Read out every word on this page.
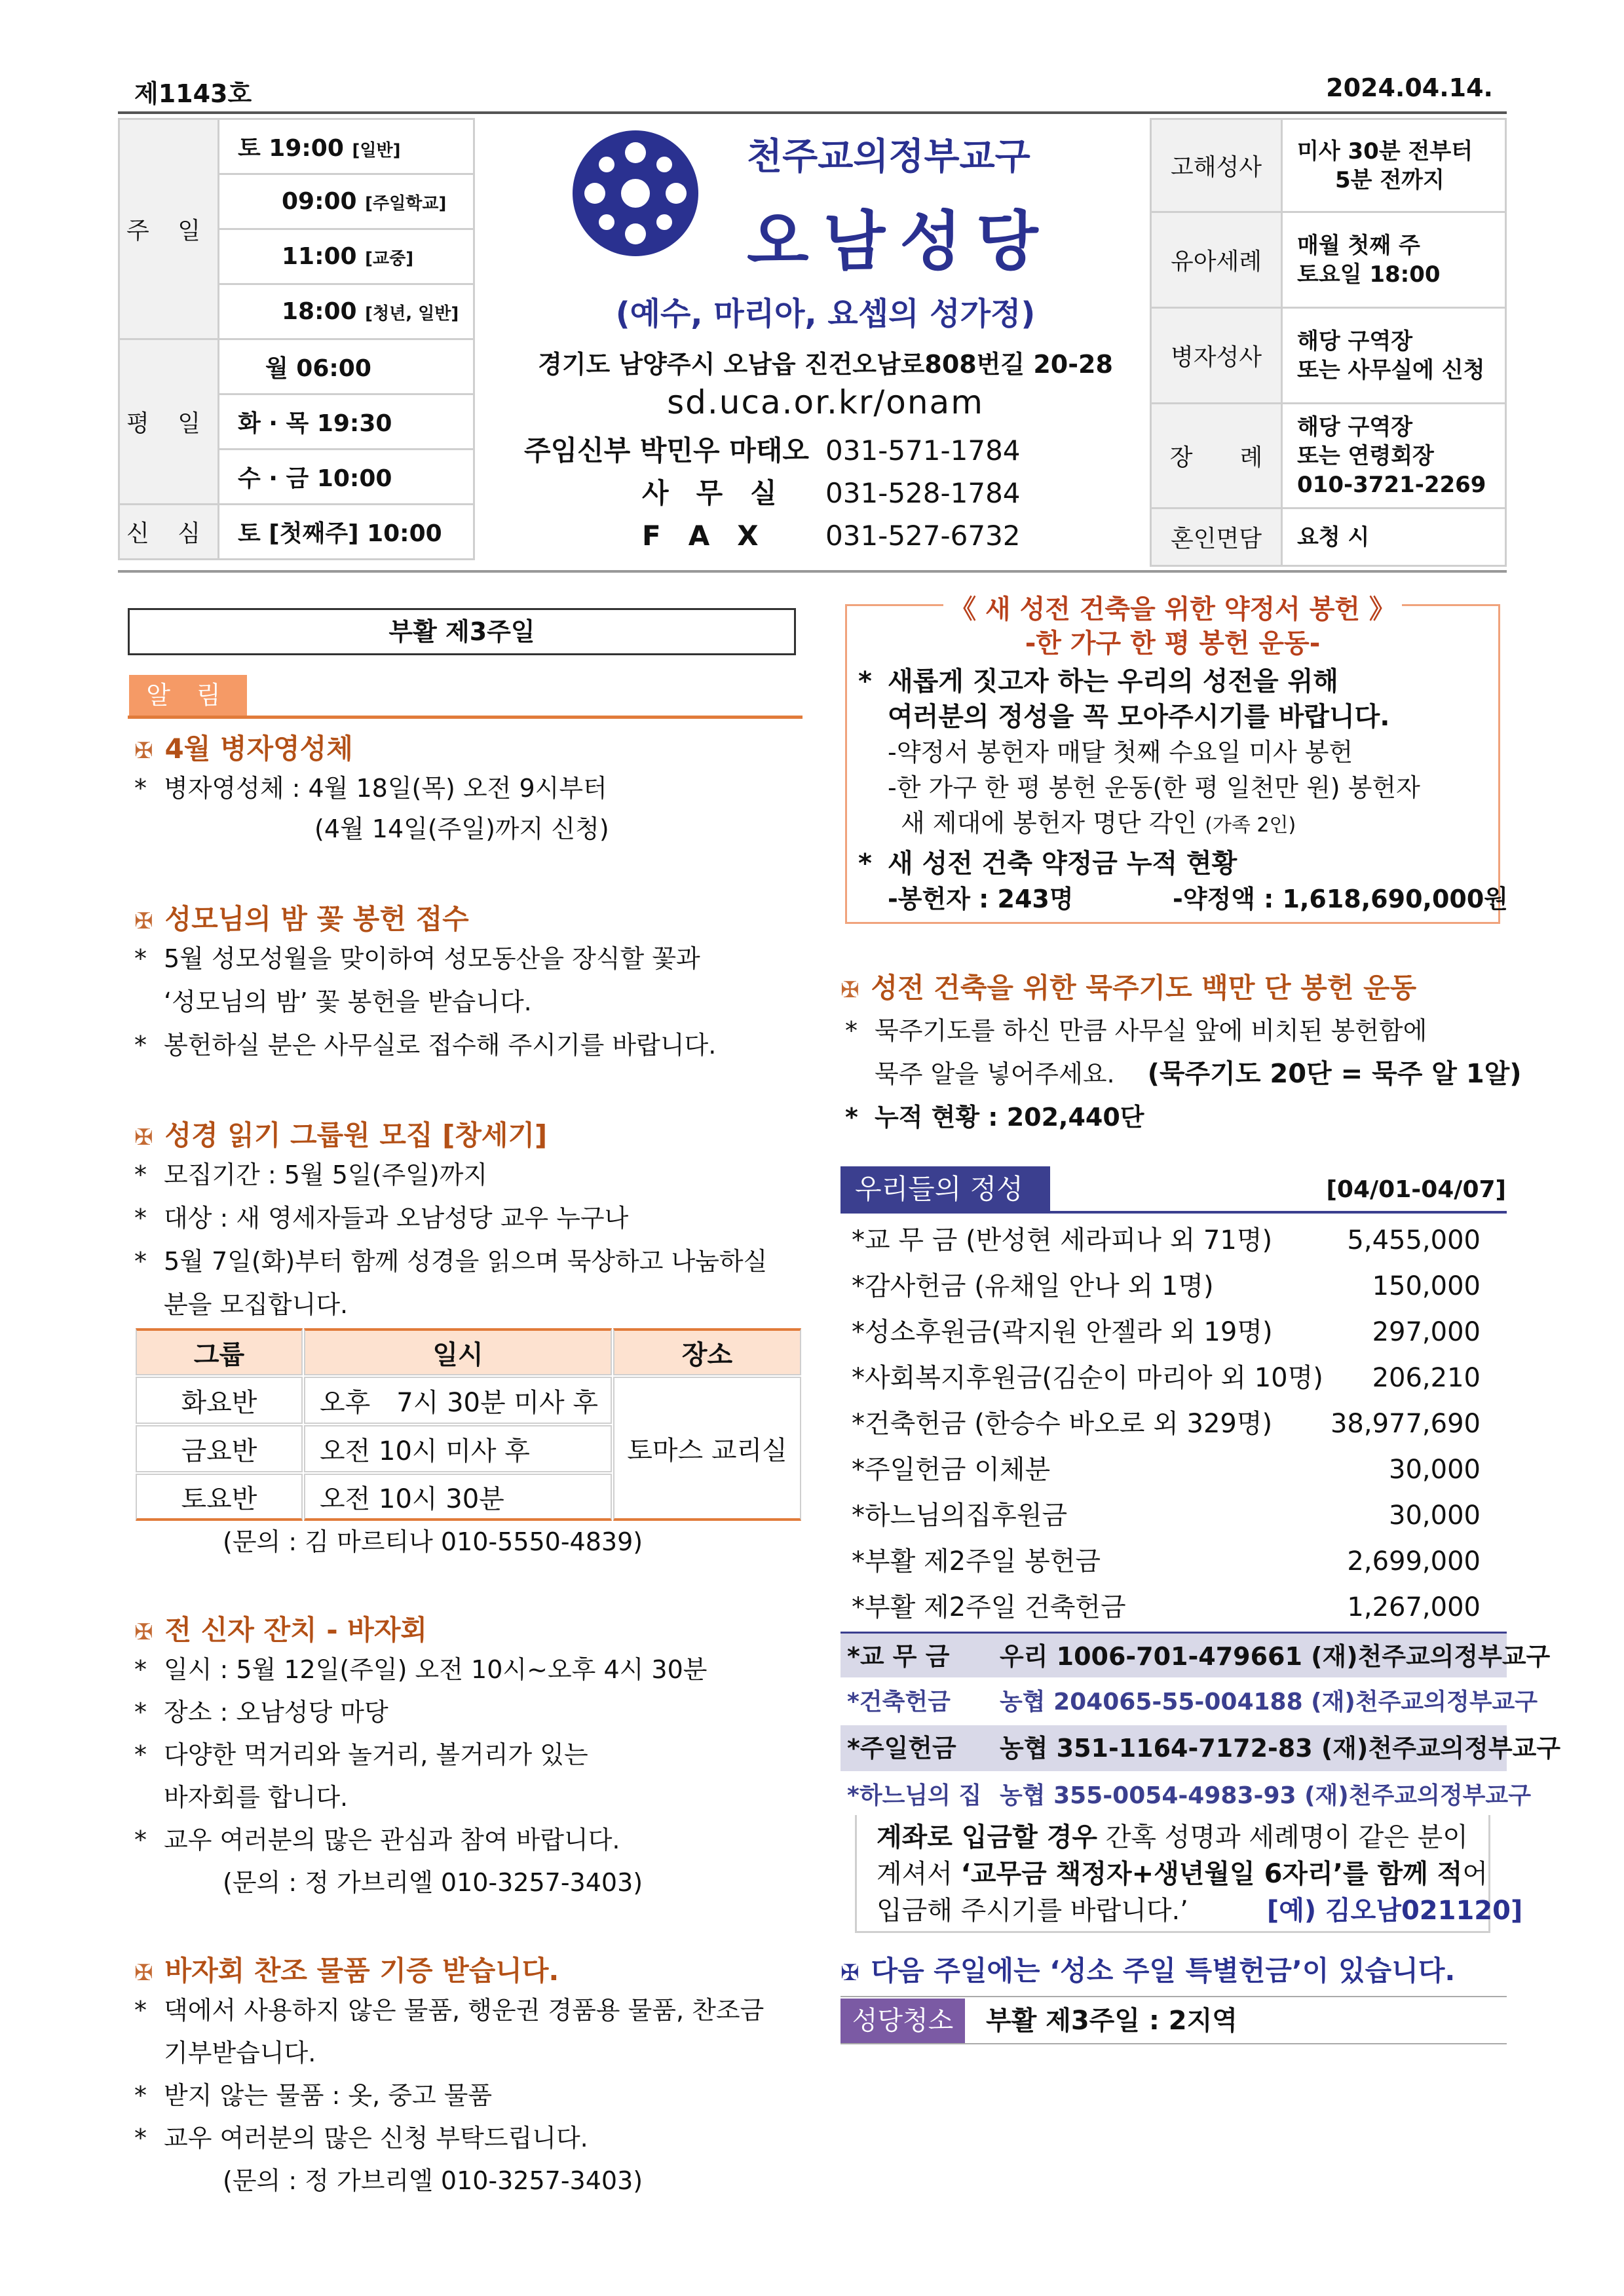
제1143호	2024.04.14.
주 일	토 19:00 [일반]
	09:00 [주일학교]
	11:00 [교중]
	18:00 [청년, 일반]
평 일	월 06:00
	화 · 목 19:30
	수 · 금 10:00
신 심	토 [첫째주] 10:00
천주교의정부교구
오남성당
(예수, 마리아, 요셉의 성가정)
경기도 남양주시 오남읍 진건오남로808번길 20-28
sd.uca.or.kr/onam
주임신부 박민우 마태오 031-571-1784
사　무　실 031-528-1784
F　A　X 031-527-6732
고해성사	미사 30분 전부터
5분 전까지

유아세례	매월 첫째 주
토요일 18:00

병자성사	해당 구역장
또는 사무실에 신청

장　　례	해당 구역장
또는 연령회장
010-3721-2269

혼인면담	요청 시
부활 제3주일
알 림
✠ 4월 병자영성체
* 병자영성체 : 4월 18일(목) 오전 9시부터
(4월 14일(주일)까지 신청)
✠ 성모님의 밤 꽃 봉헌 접수
* 5월 성모성월을 맞이하여 성모동산을 장식할 꽃과
‘성모님의 밤’ 꽃 봉헌을 받습니다.
* 봉헌하실 분은 사무실로 접수해 주시기를 바랍니다.
✠ 성경 읽기 그룹원 모집 [창세기]
* 모집기간 : 5월 5일(주일)까지
* 대상 : 새 영세자들과 오남성당 교우 누구나
* 5월 7일(화)부터 함께 성경을 읽으며 묵상하고 나눔하실
분을 모집합니다.
그룹	일시	장소
화요반	오후　7시 30분 미사 후	토마스 교리실
금요반	오전 10시 미사 후	
토요반	오전 10시 30분	
(문의 : 김 마르티나 010-5550-4839)
✠ 전 신자 잔치 - 바자회
* 일시 : 5월 12일(주일) 오전 10시~오후 4시 30분
* 장소 : 오남성당 마당
* 다양한 먹거리와 놀거리, 볼거리가 있는
바자회를 합니다.
* 교우 여러분의 많은 관심과 참여 바랍니다.
(문의 : 정 가브리엘 010-3257-3403)
✠ 바자회 찬조 물품 기증 받습니다.
* 댁에서 사용하지 않은 물품, 행운권 경품용 물품, 찬조금
기부받습니다.
* 받지 않는 물품 : 옷, 중고 물품
* 교우 여러분의 많은 신청 부탁드립니다.
(문의 : 정 가브리엘 010-3257-3403)
《 새 성전 건축을 위한 약정서 봉헌 》
-한 가구 한 평 봉헌 운동-
* 새롭게 짓고자 하는 우리의 성전을 위해
여러분의 정성을 꼭 모아주시기를 바랍니다.
-약정서 봉헌자 매달 첫째 수요일 미사 봉헌
-한 가구 한 평 봉헌 운동(한 평 일천만 원) 봉헌자
새 제대에 봉헌자 명단 각인 (가족 2인)
* 새 성전 건축 약정금 누적 현황
-봉헌자 : 243명	-약정액 : 1,618,690,000원
✠ 성전 건축을 위한 묵주기도 백만 단 봉헌 운동
* 묵주기도를 하신 만큼 사무실 앞에 비치된 봉헌함에
묵주 알을 넣어주세요. (묵주기도 20단 = 묵주 알 1알)
* 누적 현황 : 202,440단
우리들의 정성	[04/01-04/07]
*교 무 금 (반성현 세라피나 외 71명)	5,455,000
*감사헌금 (유채일 안나 외 1명)	150,000
*성소후원금(곽지원 안젤라 외 19명)	297,000
*사회복지후원금(김순이 마리아 외 10명) 206,210
*건축헌금 (한승수 바오로 외 329명) 38,977,690
*주일헌금 이체분	30,000
*하느님의집후원금	30,000
*부활 제2주일 봉헌금	2,699,000
*부활 제2주일 건축헌금	1,267,000
*교 무 금 우리 1006-701-479661 (재)천주교의정부교구
*건축헌금 농협 204065-55-004188 (재)천주교의정부교구
*주일헌금 농협 351-1164-7172-83 (재)천주교의정부교구
*하느님의 집 농협 355-0054-4983-93 (재)천주교의정부교구
계좌로 입금할 경우 간혹 성명과 세례명이 같은 분이
계셔서 ‘교무금 책정자+생년월일 6자리’를 함께 적어
입금해 주시기를 바랍니다.’	[예) 김오남021120]
✠ 다음 주일에는 ‘성소 주일 특별헌금’이 있습니다.
성당청소	부활 제3주일 : 2지역
